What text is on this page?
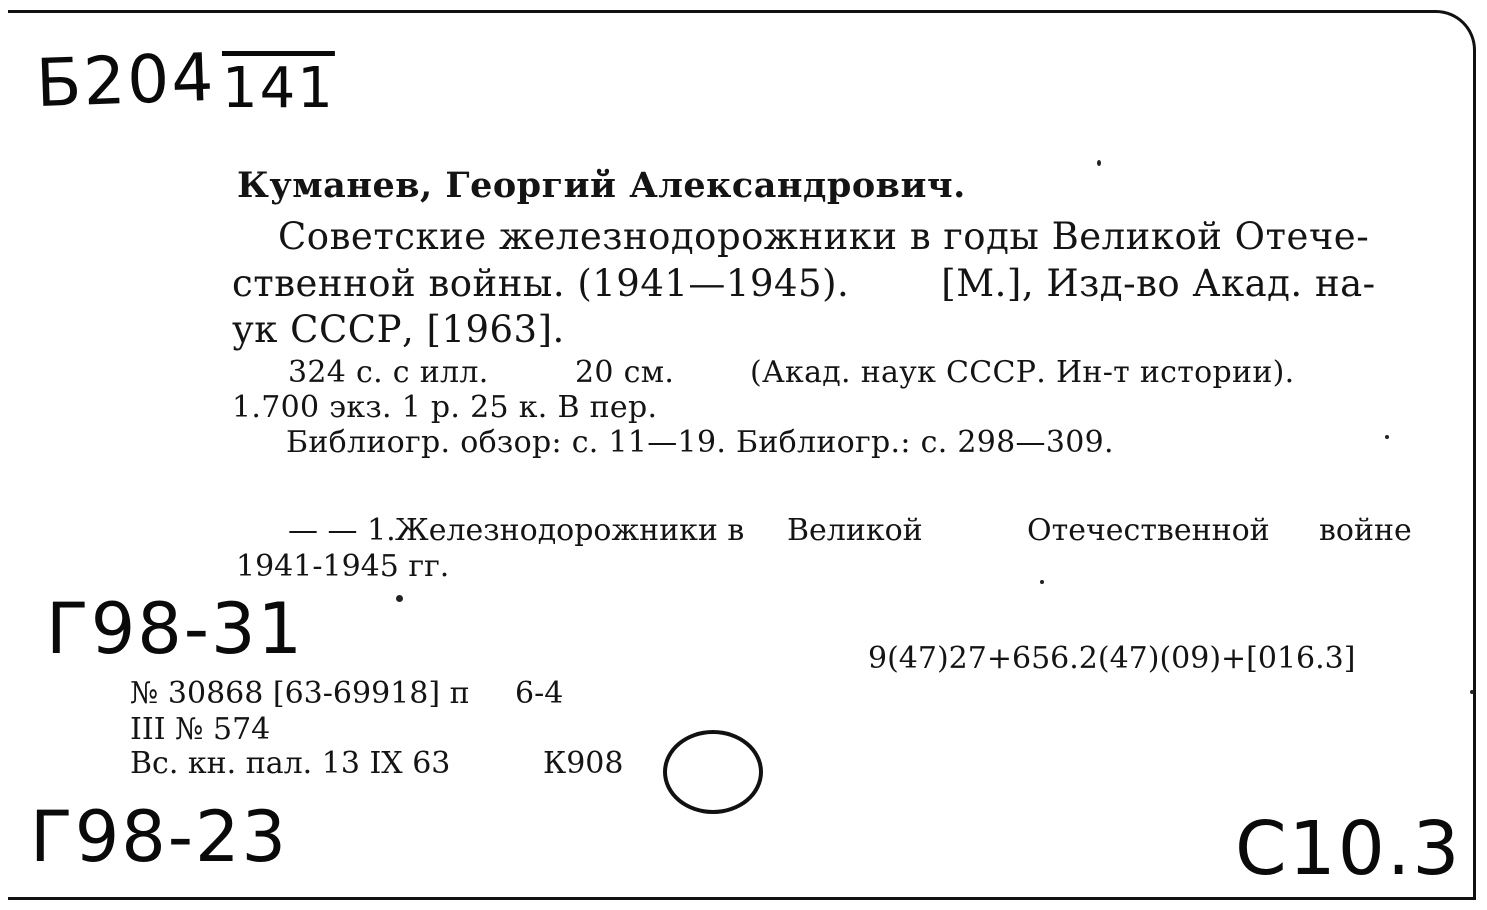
Б204 141
Куманев, Георгий Александрович.
Советские железнодорожники в годы Великой Отече-
ственной войны. (1941—1945). [М.], Изд-во Акад. на-
ук СССР, [1963].
324 с. с илл.	20 см.	(Акад. наук СССР. Ин-т истории).
1.700 экз. 1 р. 25 к. В пер.
Библиогр. обзор: с. 11—19. Библиогр.: с. 298—309.
— — 1.Железнодорожники в Великой	Отечественной войне
1941-1945 гг.
Г98-31	9(47)27+656.2(47)(09)+[016.3]
№ 30868 [63-69918] п 6-4
III № 574
Вс. кн. пал. 13 IX 63	К908
Г98-23	С10.3
